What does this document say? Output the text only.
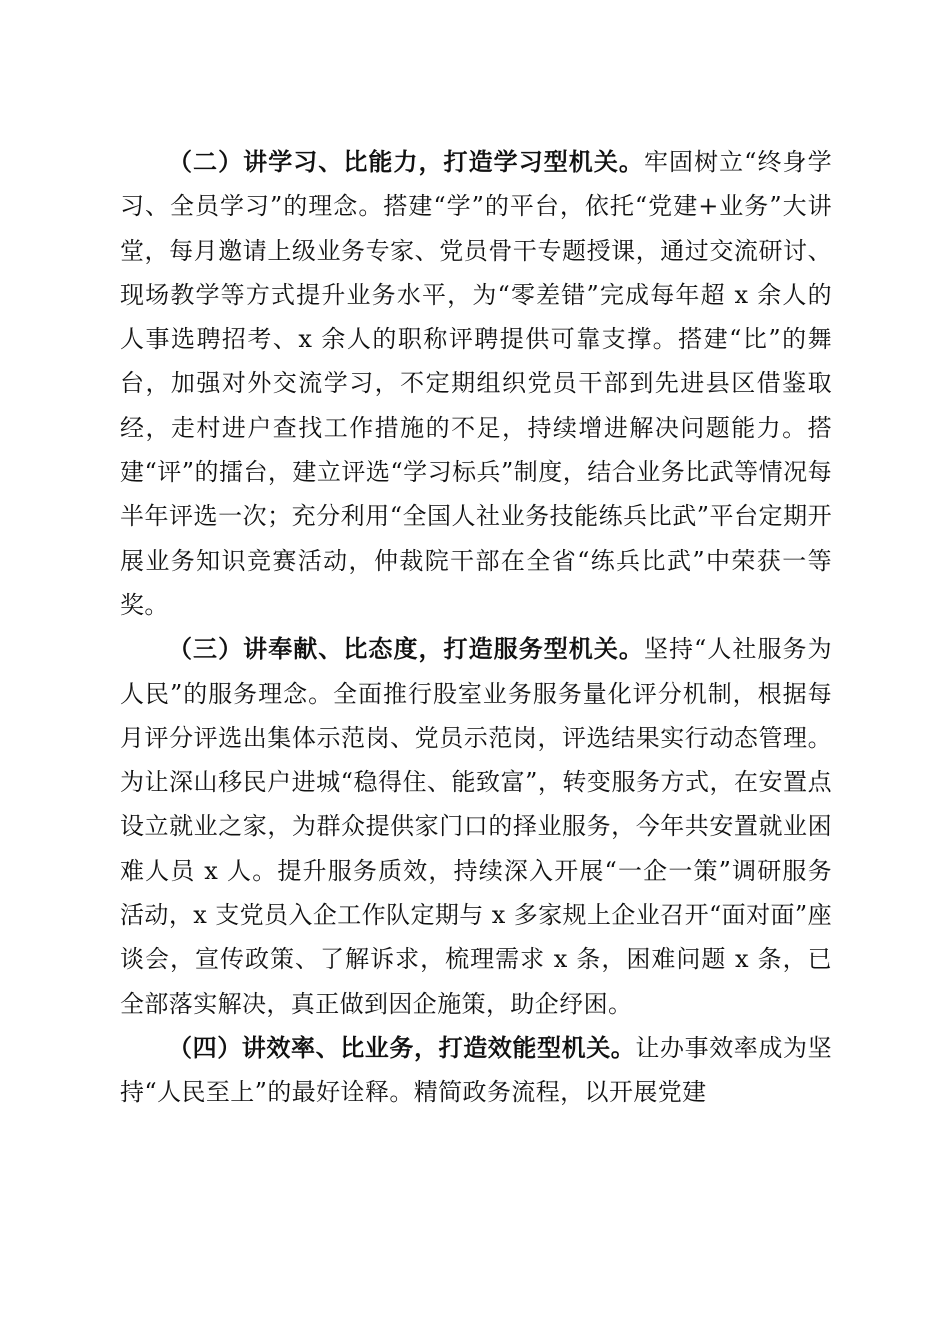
（二）讲学习、比能力，打造学习型机关。牢固树立“终身学习、全员学习”的理念。搭建“学”的平台，依托“党建+业务”大讲堂，每月邀请上级业务专家、党员骨干专题授课，通过交流研讨、现场教学等方式提升业务水平，为“零差错”完成每年超 x 余人的人事选聘招考、x 余人的职称评聘提供可靠支撑。搭建“比”的舞台，加强对外交流学习，不定期组织党员干部到先进县区借鉴取经，走村进户查找工作措施的不足，持续增进解决问题能力。搭建“评”的擂台，建立评选“学习标兵”制度，结合业务比武等情况每半年评选一次；充分利用“全国人社业务技能练兵比武”平台定期开展业务知识竞赛活动，仲裁院干部在全省“练兵比武”中荣获一等奖。

（三）讲奉献、比态度，打造服务型机关。坚持“人社服务为人民”的服务理念。全面推行股室业务服务量化评分机制，根据每月评分评选出集体示范岗、党员示范岗，评选结果实行动态管理。为让深山移民户进城“稳得住、能致富”，转变服务方式，在安置点设立就业之家，为群众提供家门口的择业服务，今年共安置就业困难人员 x 人。提升服务质效，持续深入开展“一企一策”调研服务活动，x 支党员入企工作队定期与 x 多家规上企业召开“面对面”座谈会，宣传政策、了解诉求，梳理需求 x 条，困难问题 x 条，已全部落实解决，真正做到因企施策，助企纾困。

（四）讲效率、比业务，打造效能型机关。让办事效率成为坚持“人民至上”的最好诠释。精简政务流程，以开展党建
